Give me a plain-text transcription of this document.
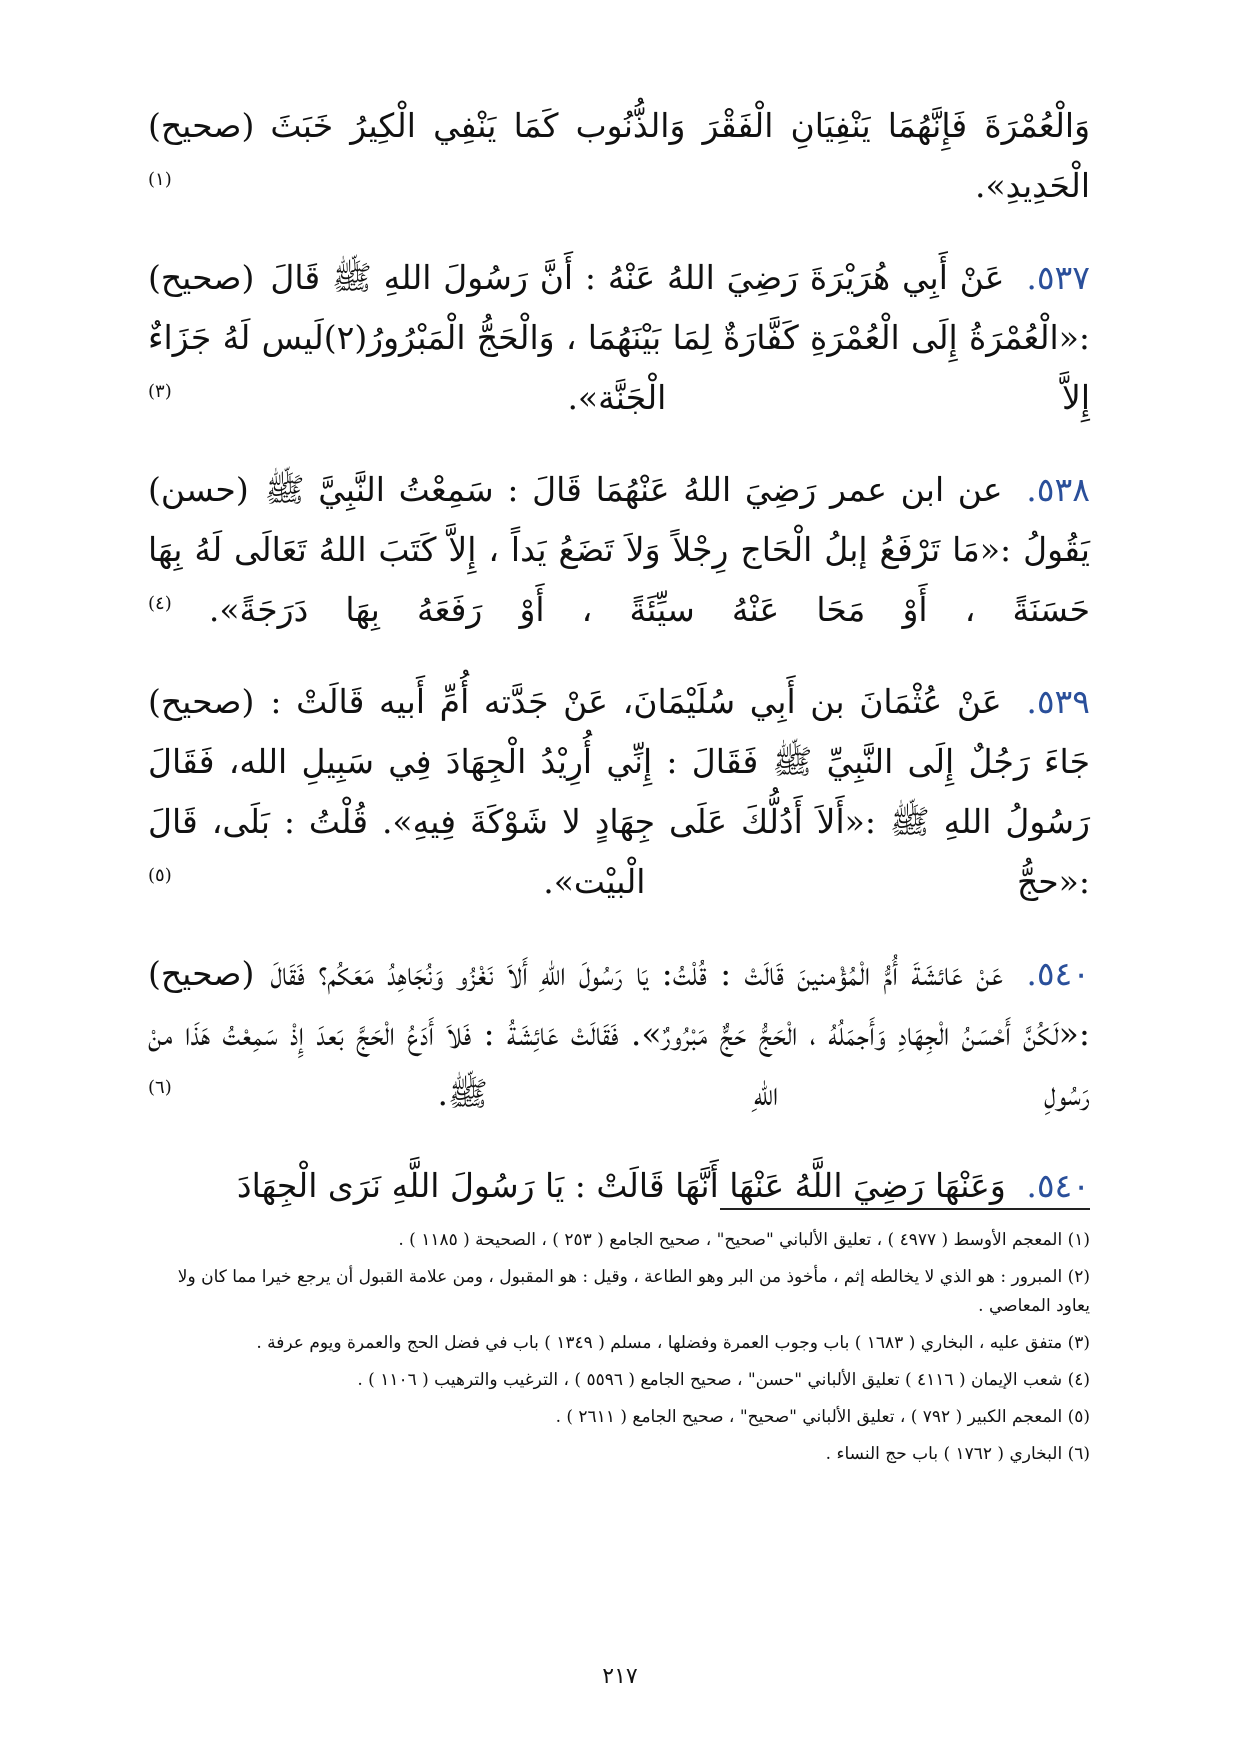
(صحيح) وَالْعُمْرَةَ فَإِنَّهُمَا يَنْفِيَانِ الْفَقْرَ وَالذُّنُوب كَمَا يَنْفِي الْكِيرُ خَبَثَ الْحَدِيدِ». $^{(١)}$

(صحيح)	٥٣٧. عَنْ أَبِي هُرَيْرَةَ رَضِيَ اللهُ عَنْهُ : أَنَّ رَسُولَ اللهِ ﷺ قَالَ :«الْعُمْرَةُ إِلَى الْعُمْرَةِ كَفَّارَةٌ لِمَا بَيْنَهُمَا ، وَالْحَجُّ الْمَبْرُورُ(٢)لَيس لَهُ جَزَاءٌ إِلاَّ الْجَنَّة». $^{(٣)}$

(حسن)	٥٣٨. عن ابن عمر رَضِيَ اللهُ عَنْهُمَا قَالَ : سَمِعْتُ النَّبِيَّ ﷺ يَقُولُ :«مَا تَرْفَعُ إبلُ الْحَاج رِجْلاً وَلاَ تَضَعُ يَداً ، إِلاَّ كَتَبَ اللهُ تَعَالَى لَهُ بِهَا حَسَنَةً ، أَوْ مَحَا عَنْهُ سيِّئَةً ، أَوْ رَفَعَهُ بِهَا دَرَجَةً». $^{(٤)}$

(صحيح)	٥٣٩. عَنْ عُثْمَانَ بن أَبِي سُلَيْمَانَ، عَنْ جَدَّته أُمِّ أَبيه قَالَتْ : جَاءَ رَجُلٌ إِلَى النَّبِيِّ ﷺ فَقَالَ : إِنِّي أُرِيْدُ الْجِهَادَ فِي سَبِيلِ الله، فَقَالَ رَسُولُ اللهِ ﷺ :«أَلاَ أَدُلُّكَ عَلَى جِهَادٍ لا شَوْكَةَ فِيهِ». قُلْتُ : بَلَى، قَالَ :«حجُّ الْبيْت». $^{(٥)}$

(صحيح)	٥٤٠. عَنْ عَائشَةَ أُمُّ الْمُؤْمنينَ قَالَتْ : قُلْتُ: يَا رَسُولَ اللهِ أَلاَ نَغْزُو وَنُجَاهِدُ مَعَكُم؟ فَقَالَ :«لَكُنَّ أَحْسَنُ الْجِهَادِ وَأَجمَلُهُ ، الْحَجُّ حَجٌّ مَبْرُورٌ». فَقَالَتْ عَائِشَةُ : فَلاَ أَدَعُ الْحَجَّ بَعدَ إِذْ سَمِعْتُ هَذَا منْ رَسُولِ اللهِ ﷺ. $^{(٦)}$

٥٤٠. وَعَنْهَا رَضِيَ اللَّهُ عَنْهَا أَنَّهَا قَالَتْ : يَا رَسُولَ اللَّهِ نَرَى الْجِهَادَ

(١) المعجم الأوسط ( ٤٩٧٧ ) ، تعليق الألباني "صحيح" ، صحيح الجامع ( ٢٥٣ ) ، الصحيحة ( ١١٨٥ ) .

(٢) المبرور : هو الذي لا يخالطه إثم ، مأخوذ من البر وهو الطاعة ، وقيل : هو المقبول ، ومن علامة القبول أن يرجع خيرا مما كان ولا يعاود المعاصي .

(٣) متفق عليه ، البخاري ( ١٦٨٣ ) باب وجوب العمرة وفضلها ، مسلم ( ١٣٤٩ ) باب في فضل الحج والعمرة ويوم عرفة .

(٤) شعب الإيمان ( ٤١١٦ ) تعليق الألباني "حسن" ، صحيح الجامع ( ٥٥٩٦ ) ، الترغيب والترهيب ( ١١٠٦ ) .

(٥) المعجم الكبير ( ٧٩٢ ) ، تعليق الألباني "صحيح" ، صحيح الجامع ( ٢٦١١ ) .

(٦) البخاري ( ١٧٦٢ ) باب حج النساء .

٢١٧
